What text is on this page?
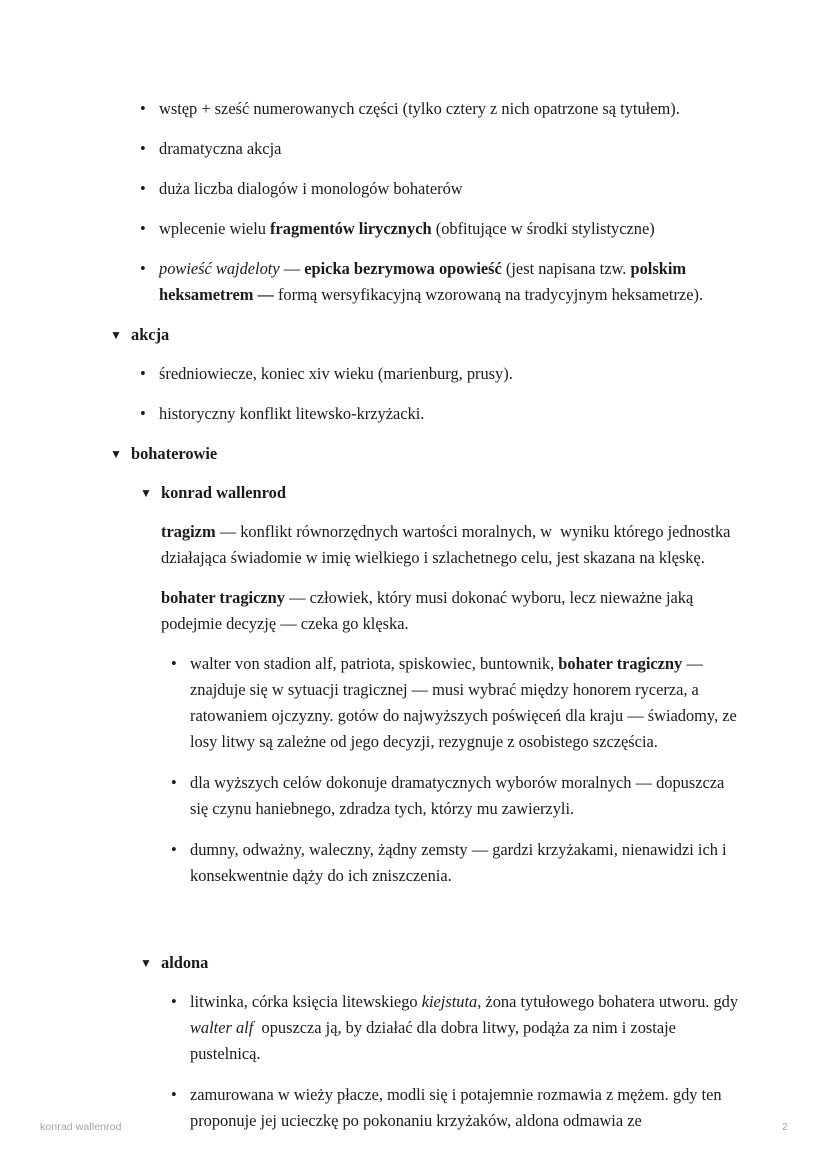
• wstęp + sześć numerowanych części (tylko cztery z nich opatrzone są tytułem).
• dramatyczna akcja
• duża liczba dialogów i monologów bohaterów
• wplecenie wielu fragmentów lirycznych (obfitujące w środki stylistyczne)
• powieść wajdeloty — epicka bezrymowa opowieść (jest napisana tzw. polskim heksametrem — formą wersyfikacyjną wzorowaną na tradycyjnym heksametrze).
▼ akcja
• średniowiecze, koniec xiv wieku (marienburg, prusy).
• historyczny konflikt litewsko-krzyżacki.
▼ bohaterowie
▼ konrad wallenrod
tragizm — konflikt równorzędnych wartości moralnych, w  wyniku którego jednostka działająca świadomie w imię wielkiego i szlachetnego celu, jest skazana na klęskę.
bohater tragiczny — człowiek, który musi dokonać wyboru, lecz nieważne jaką podejmie decyzję — czeka go klęska.
• walter von stadion alf, patriota, spiskowiec, buntownik, bohater tragiczny — znajduje się w sytuacji tragicznej — musi wybrać między honorem rycerza, a ratowaniem ojczyzny. gotów do najwyższych poświęceń dla kraju — świadomy, ze losy litwy są zależne od jego decyzji, rezygnuje z osobistego szczęścia.
• dla wyższych celów dokonuje dramatycznych wyborów moralnych — dopuszcza się czynu haniebnego, zdradza tych, którzy mu zawierzyli.
• dumny, odważny, waleczny, żądny zemsty — gardzi krzyżakami, nienawidzi ich i konsekwentnie dąży do ich zniszczenia.
▼ aldona
• litwinka, córka księcia litewskiego kiejstuta, żona tytułowego bohatera utworu. gdy walter alf  opuszcza ją, by działać dla dobra litwy, podąża za nim i zostaje pustelnicą.
• zamurowana w wieży płacze, modli się i potajemnie rozmawia z mężem. gdy ten proponuje jej ucieczkę po pokonaniu krzyżaków, aldona odmawia ze
konrad wallenrod	2
